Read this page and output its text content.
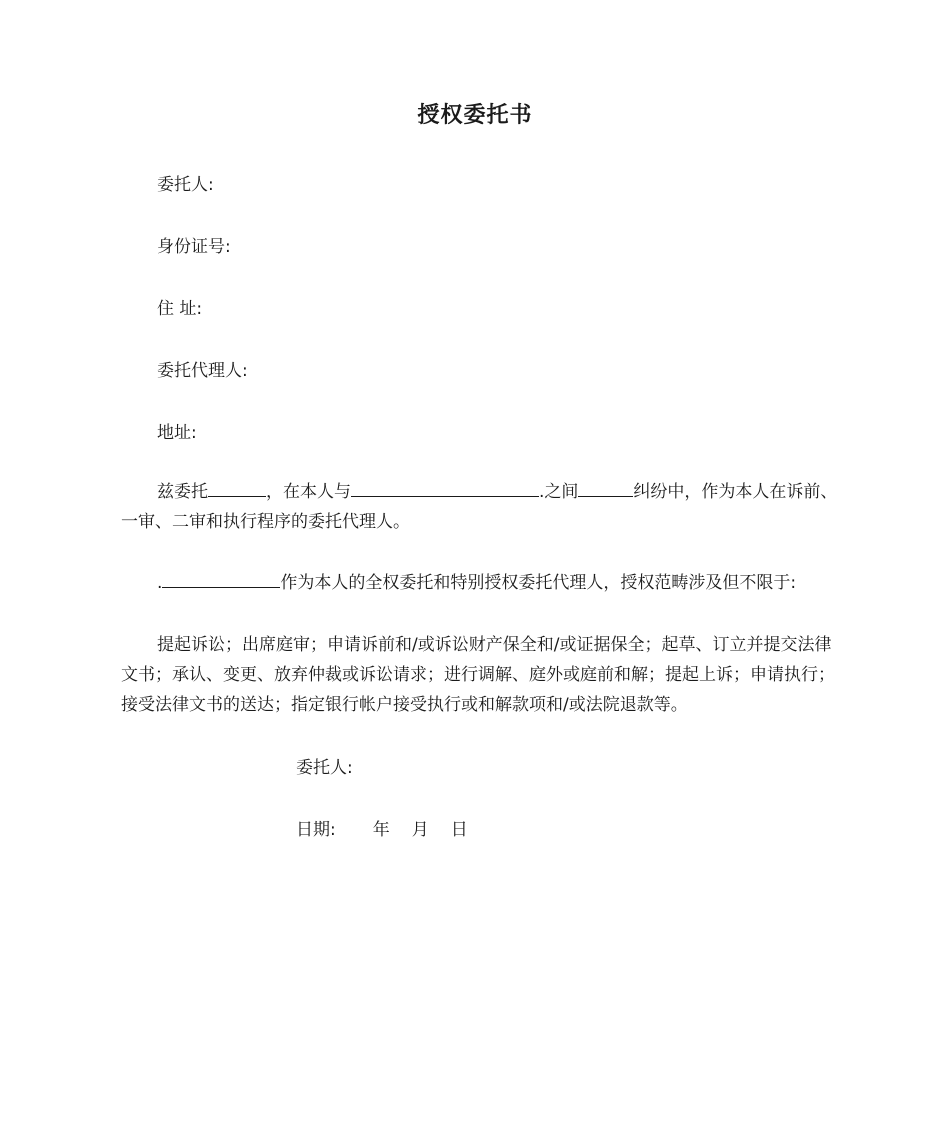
授权委托书
委托人:
身份证号:
住 址:
委托代理人:
地址:
兹委托	，在本人与	.之间	纠纷中，作为本人在诉前、一审、二审和执行程序的委托代理人。
.	作为本人的全权委托和特别授权委托代理人，授权范畴涉及但不限于:
提起诉讼；出席庭审；申请诉前和/或诉讼财产保全和/或证据保全；起草、订立并提交法律文书；承认、变更、放弃仲裁或诉讼请求；进行调解、庭外或庭前和解；提起上诉；申请执行；接受法律文书的送达；指定银行帐户接受执行或和解款项和/或法院退款等。
委托人:
日期: 年 月 日
